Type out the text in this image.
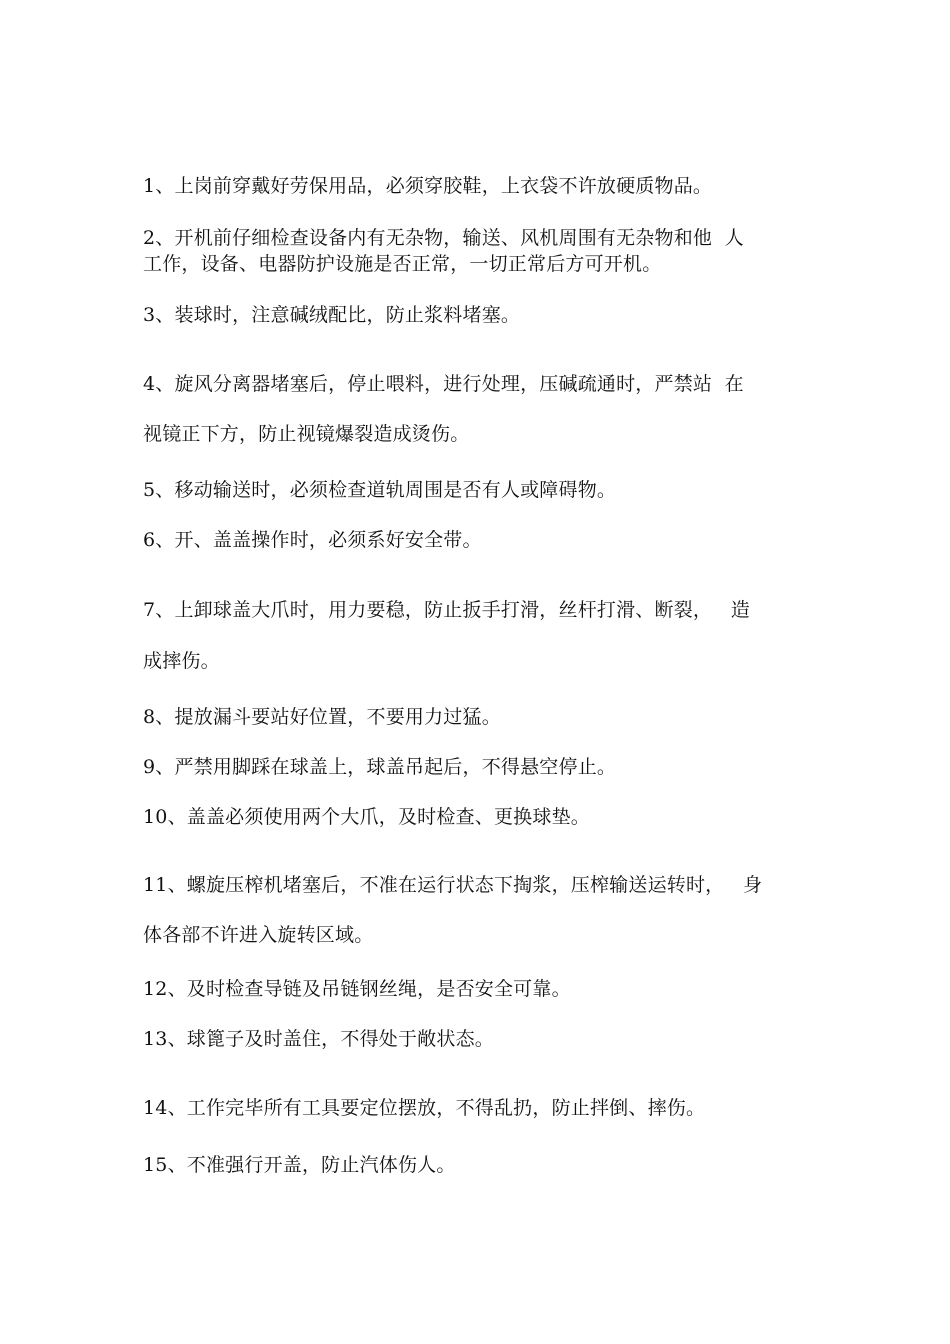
1、上岗前穿戴好劳保用品，必须穿胶鞋，上衣袋不许放硬质物品。
2、开机前仔细检查设备内有无杂物，输送、风机周围有无杂物和他  人
工作，设备、电器防护设施是否正常，一切正常后方可开机。
3、装球时，注意碱绒配比，防止浆料堵塞。
4、旋风分离器堵塞后，停止喂料，进行处理，压碱疏通时，严禁站  在
视镜正下方，防止视镜爆裂造成烫伤。
5、移动输送时，必须检查道轨周围是否有人或障碍物。
6、开、盖盖操作时，必须系好安全带。
7、上卸球盖大爪时，用力要稳，防止扳手打滑，丝杆打滑、断裂，   造
成摔伤。
8、提放漏斗要站好位置，不要用力过猛。
9、严禁用脚踩在球盖上，球盖吊起后，不得悬空停止。
10、盖盖必须使用两个大爪，及时检查、更换球垫。
11、螺旋压榨机堵塞后，不准在运行状态下掏浆，压榨输送运转时，   身
体各部不许进入旋转区域。
12、及时检查导链及吊链钢丝绳，是否安全可靠。
13、球篦子及时盖住，不得处于敞状态。
14、工作完毕所有工具要定位摆放，不得乱扔，防止拌倒、摔伤。
15、不准强行开盖，防止汽体伤人。
